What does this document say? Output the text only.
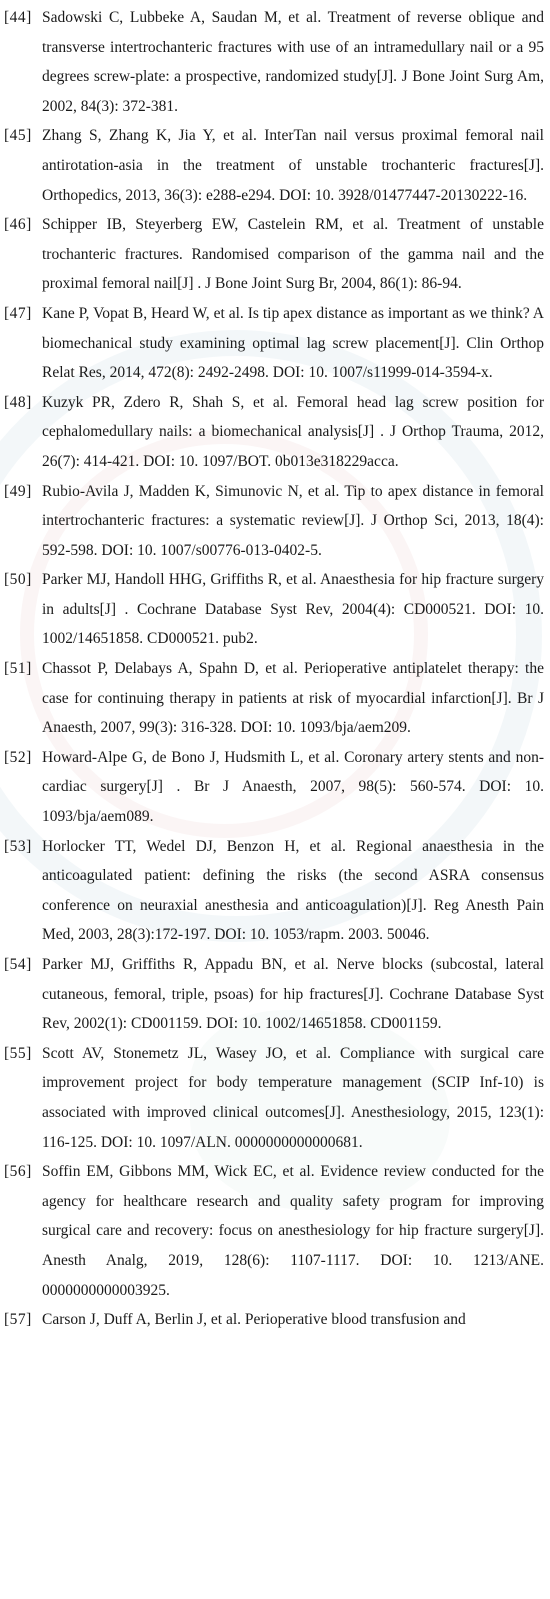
[44] Sadowski C, Lubbeke A, Saudan M, et al. Treatment of reverse oblique and transverse intertrochanteric fractures with use of an intramedullary nail or a 95 degrees screw-plate: a prospective, randomized study[J]. J Bone Joint Surg Am, 2002, 84(3): 372-381.

[45] Zhang S, Zhang K, Jia Y, et al. InterTan nail versus proximal femoral nail antirotation-asia in the treatment of unstable trochanteric fractures[J]. Orthopedics, 2013, 36(3): e288-e294. DOI: 10. 3928/01477447-20130222-16.

[46] Schipper IB, Steyerberg EW, Castelein RM, et al. Treatment of unstable trochanteric fractures. Randomised comparison of the gamma nail and the proximal femoral nail[J] . J Bone Joint Surg Br, 2004, 86(1): 86-94.

[47] Kane P, Vopat B, Heard W, et al. Is tip apex distance as important as we think? A biomechanical study examining optimal lag screw placement[J]. Clin Orthop Relat Res, 2014, 472(8): 2492-2498. DOI: 10. 1007/s11999-014-3594-x.

[48] Kuzyk PR, Zdero R, Shah S, et al. Femoral head lag screw position for cephalomedullary nails: a biomechanical analysis[J] . J Orthop Trauma, 2012, 26(7): 414-421. DOI: 10. 1097/BOT. 0b013e318229acca.

[49] Rubio-Avila J, Madden K, Simunovic N, et al. Tip to apex distance in femoral intertrochanteric fractures: a systematic review[J]. J Orthop Sci, 2013, 18(4): 592-598. DOI: 10. 1007/s00776-013-0402-5.

[50] Parker MJ, Handoll HHG, Griffiths R, et al. Anaesthesia for hip fracture surgery in adults[J] . Cochrane Database Syst Rev, 2004(4): CD000521. DOI: 10. 1002/14651858. CD000521. pub2.

[51] Chassot P, Delabays A, Spahn D, et al. Perioperative antiplatelet therapy: the case for continuing therapy in patients at risk of myocardial infarction[J]. Br J Anaesth, 2007, 99(3): 316-328. DOI: 10. 1093/bja/aem209.

[52] Howard-Alpe G, de Bono J, Hudsmith L, et al. Coronary artery stents and non-cardiac surgery[J] . Br J Anaesth, 2007, 98(5): 560-574. DOI: 10. 1093/bja/aem089.

[53] Horlocker TT, Wedel DJ, Benzon H, et al. Regional anaesthesia in the anticoagulated patient: defining the risks (the second ASRA consensus conference on neuraxial anesthesia and anticoagulation)[J]. Reg Anesth Pain Med, 2003, 28(3):172-197. DOI: 10. 1053/rapm. 2003. 50046.

[54] Parker MJ, Griffiths R, Appadu BN, et al. Nerve blocks (subcostal, lateral cutaneous, femoral, triple, psoas) for hip fractures[J]. Cochrane Database Syst Rev, 2002(1): CD001159. DOI: 10. 1002/14651858. CD001159.

[55] Scott AV, Stonemetz JL, Wasey JO, et al. Compliance with surgical care improvement project for body temperature management (SCIP Inf-10) is associated with improved clinical outcomes[J]. Anesthesiology, 2015, 123(1): 116-125. DOI: 10. 1097/ALN. 0000000000000681.

[56] Soffin EM, Gibbons MM, Wick EC, et al. Evidence review conducted for the agency for healthcare research and quality safety program for improving surgical care and recovery: focus on anesthesiology for hip fracture surgery[J]. Anesth Analg, 2019, 128(6): 1107-1117. DOI: 10. 1213/ANE. 0000000000003925.

[57] Carson J, Duff A, Berlin J, et al. Perioperative blood transfusion and
